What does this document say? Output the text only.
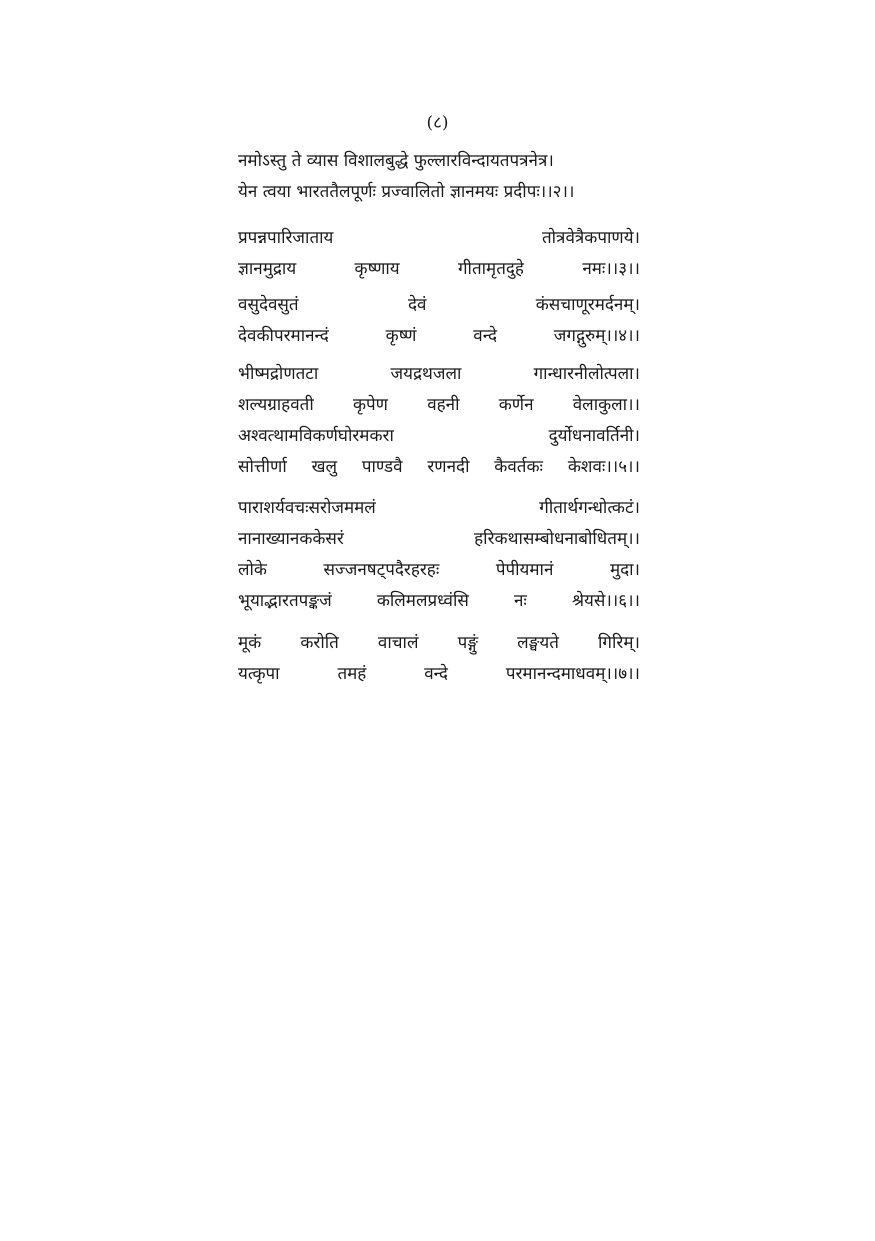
(८)
नमोऽस्तु ते व्यास विशालबुद्धे फुल्लारविन्दायतपत्रनेत्र।
येन त्वया भारततैलपूर्णः प्रज्वालितो ज्ञानमयः प्रदीपः।।२।।
प्रपन्नपारिजाताय	तोत्रवेत्रैकपाणये।
ज्ञानमुद्राय	कृष्णाय	गीतामृतदुहे	नमः।।३।।
वसुदेवसुतं	देवं	कंसचाणूरमर्दनम्।
देवकीपरमानन्दं	कृष्णं	वन्दे	जगद्गुरुम्।।४।।
भीष्मद्रोणतटा	जयद्रथजला	गान्धारनीलोत्पला।
शल्यग्राहवती कृपेण वहनी कर्णेन वेलाकुला।।
अश्वत्थामविकर्णघोरमकरा	दुर्योधनावर्तिनी।
सोत्तीर्णा खलु पाण्डवै रणनदी कैवर्तकः केशवः।।५।।
पाराशर्यवचःसरोजममलं	गीतार्थगन्धोत्कटं।
नानाख्यानककेसरं	हरिकथासम्बोधनाबोधितम्।।
लोके	सज्जनषट्पदैरहरहः	पेपीयमानं	मुदा।
भूयाद्भारतपङ्कजं	कलिमलप्रध्वंसि	नः	श्रेयसे।।६।।
मूकं करोति वाचालं पङ्गुं लङ्घयते गिरिम्।
यत्कृपा	तमहं	वन्दे	परमानन्दमाधवम्।।७।।
